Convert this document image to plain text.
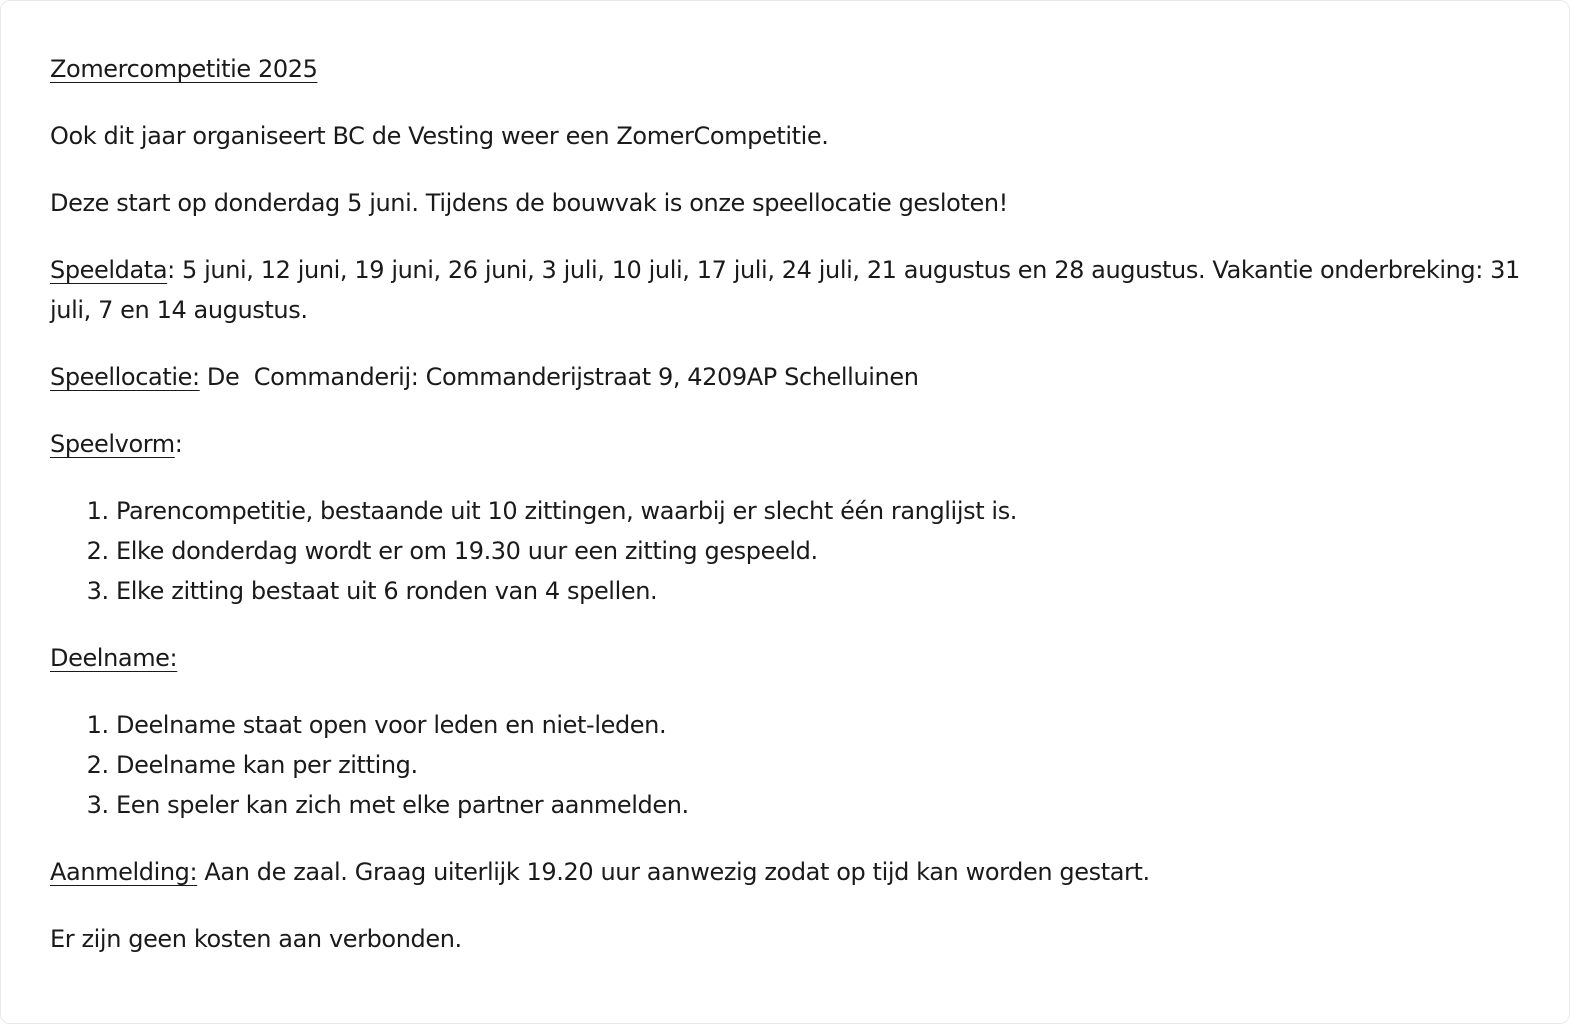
Zomercompetitie 2025

Ook dit jaar organiseert BC de Vesting weer een ZomerCompetitie.

Deze start op donderdag 5 juni. Tijdens de bouwvak is onze speellocatie gesloten!

Speeldata: 5 juni, 12 juni, 19 juni, 26 juni, 3 juli, 10 juli, 17 juli, 24 juli, 21 augustus en 28 augustus. Vakantie onderbreking: 31 juli, 7 en 14 augustus.

Speellocatie: De  Commanderij: Commanderijstraat 9, 4209AP Schelluinen

Speelvorm:

1. Parencompetitie, bestaande uit 10 zittingen, waarbij er slecht één ranglijst is.
2. Elke donderdag wordt er om 19.30 uur een zitting gespeeld.
3. Elke zitting bestaat uit 6 ronden van 4 spellen.

Deelname:

1. Deelname staat open voor leden en niet-leden.
2. Deelname kan per zitting.
3. Een speler kan zich met elke partner aanmelden.

Aanmelding: Aan de zaal. Graag uiterlijk 19.20 uur aanwezig zodat op tijd kan worden gestart.

Er zijn geen kosten aan verbonden.
